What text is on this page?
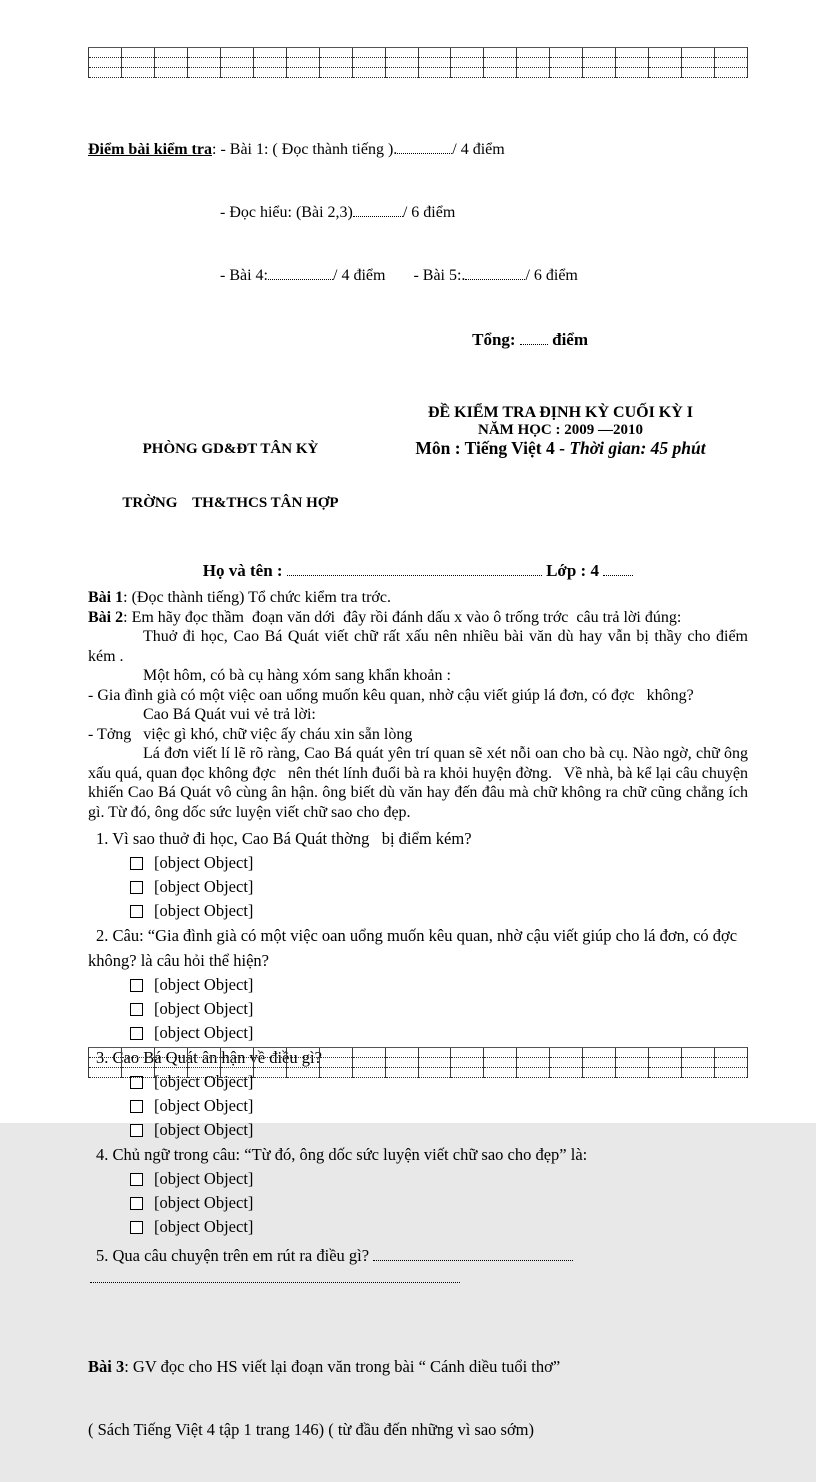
Điểm bài kiểm tra: - Bài 1: ( Đọc thành tiếng ).	/ 4 điểm

- Đọc hiểu: (Bài 2,3)	/ 6 điểm

- Bài 4:	/ 4 điểm - Bài 5:.	/ 6 điểm

Tổng: điểm

PHÒNG GD&ĐT TÂN KỲ

TRỜNG    TH&THCS TÂN HỢP

ĐỀ KIỂM TRA ĐỊNH KỲ CUỐI KỲ I
NĂM HỌC : 2009 —2010
Môn : Tiếng Việt 4 - Thời gian: 45 phút
Họ và tên :	Lớp : 4
Bài 1: (Đọc thành tiếng) Tổ chức kiểm tra trớc.
Bài 2: Em hãy đọc thầm  đoạn văn dới  đây rồi đánh dấu x vào ô trống trớc  câu trả lời đúng:

Thuở đi học, Cao Bá Quát viết chữ rất xấu nên nhiều bài văn dù hay vẫn bị thầy cho điểm kém .

Một hôm, có bà cụ hàng xóm sang khẩn khoản :

- Gia đình già có một việc oan uổng muốn kêu quan, nhờ cậu viết giúp lá đơn, có đợc   không?

Cao Bá Quát vui vẻ trả lời:

- Tởng   việc gì khó, chữ việc ấy cháu xin sẵn lòng

Lá đơn viết lí lẽ rõ ràng, Cao Bá quát yên trí quan sẽ xét nỗi oan cho bà cụ. Nào ngờ, chữ ông xấu quá, quan đọc không đợc   nên thét lính đuổi bà ra khỏi huyện đờng.   Về nhà, bà kể lại câu chuyện khiến Cao Bá Quát vô cùng ân hận. ông biết dù văn hay đến đâu mà chữ không ra chữ cũng chẳng ích gì. Từ đó, ông dốc sức luyện viết chữ sao cho đẹp.

1. Vì sao thuở đi học, Cao Bá Quát thờng   bị điểm kém?

[object Object]
[object Object]
[object Object]

2. Câu: “Gia đình già có một việc oan uổng muốn kêu quan, nhờ cậu viết giúp cho lá đơn, có đợc   không? là câu hỏi thể hiện?

[object Object]
[object Object]
[object Object]

3. Cao Bá Quát ân hận về điều gì?

[object Object]
[object Object]
[object Object]

4. Chủ ngữ trong câu: “Từ đó, ông dốc sức luyện viết chữ sao cho đẹp” là:

[object Object]
[object Object]
[object Object]

5. Qua câu chuyện trên em rút ra điều gì?

Bài 3: GV đọc cho HS viết lại đoạn văn trong bài “ Cánh diều tuổi thơ”

( Sách Tiếng Việt 4 tập 1 trang 146) ( từ đầu đến những vì sao sớm)
